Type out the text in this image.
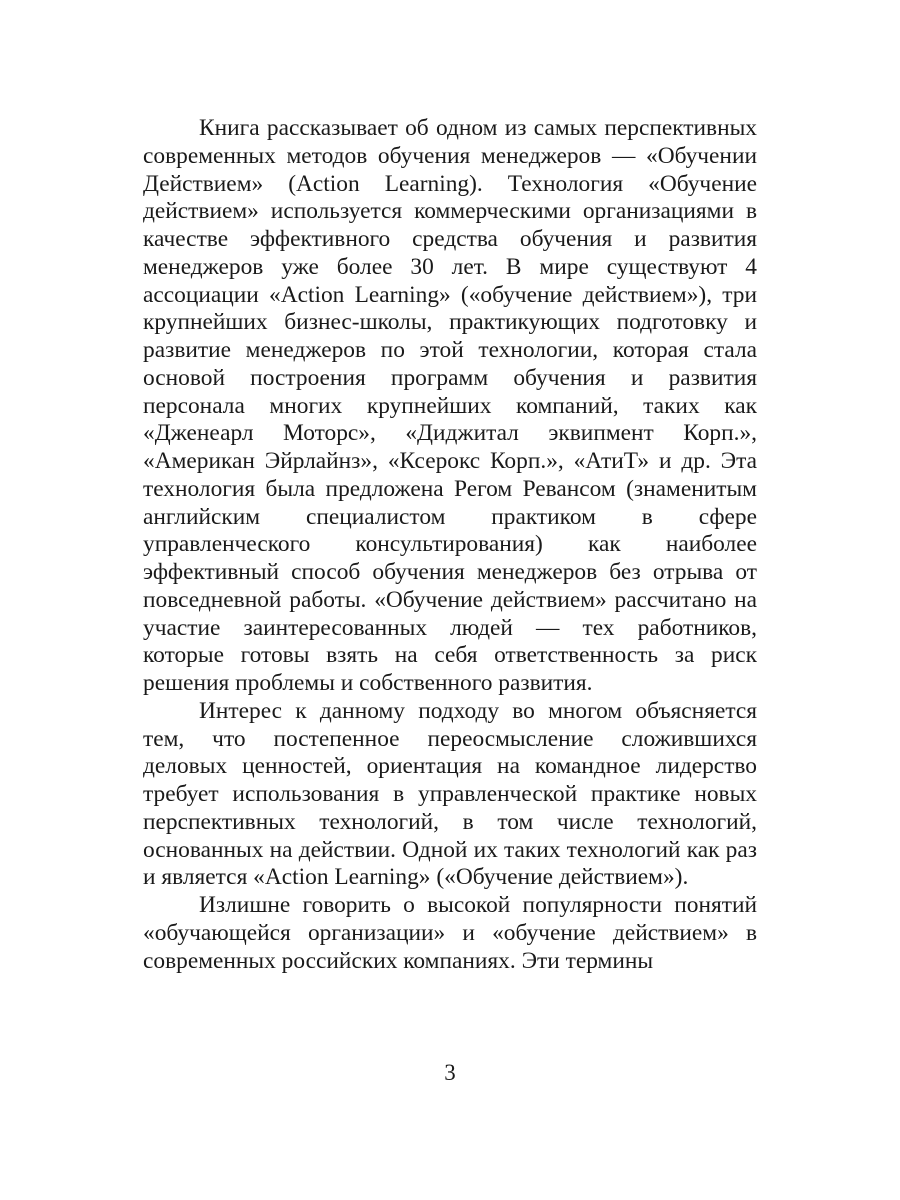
Книга рассказывает об одном из самых перспективных современных методов обучения менеджеров — «Обучении Действием» (Action Learning). Технология «Обучение действием» используется коммерческими организациями в качестве эффективного средства обучения и развития менеджеров уже более 30 лет. В мире существуют 4 ассоциации «Action Learning» («обучение действием»), три крупнейших бизнес-школы, практикующих подготовку и развитие менеджеров по этой технологии, которая стала основой построения программ обучения и развития персонала многих крупнейших компаний, таких как «Дженеарл Моторс», «Диджитал эквипмент Корп.», «Американ Эйрлайнз», «Ксерокс Корп.», «АтиТ» и др. Эта технология была предложена Регом Ревансом (знаменитым английским специалистом практиком в сфере управленческого консультирования) как наиболее эффективный способ обучения менеджеров без отрыва от повседневной работы. «Обучение действием» рассчитано на участие заинтересованных людей — тех работников, которые готовы взять на себя ответственность за риск решения проблемы и собственного развития.

Интерес к данному подходу во многом объясняется тем, что постепенное переосмысление сложившихся деловых ценностей, ориентация на командное лидерство требует использования в управленческой практике новых перспективных технологий, в том числе технологий, основанных на действии. Одной их таких технологий как раз и является «Action Learning» («Обучение действием»).

Излишне говорить о высокой популярности понятий «обучающейся организации» и «обучение действием» в современных российских компаниях. Эти термины

3
